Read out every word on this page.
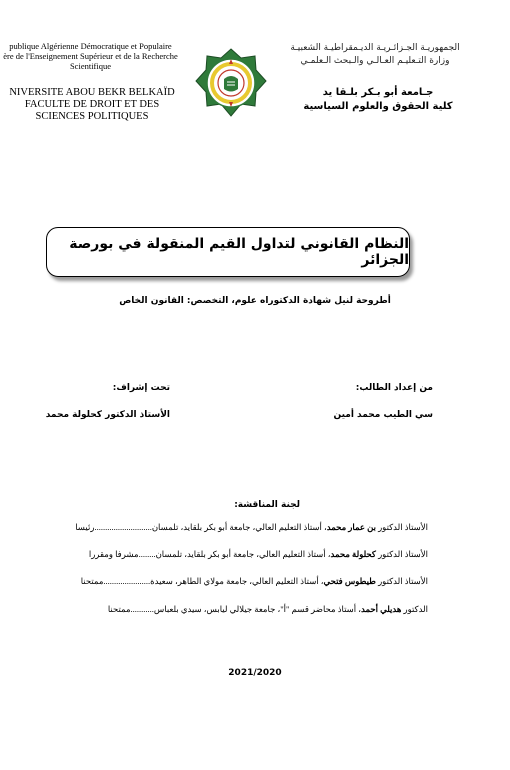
publique Algérienne Démocratique et Populaire
ère de l'Enseignement Supérieur et de la Recherche
Scientifique
NIVERSITE ABOU BEKR BELKAÏD
FACULTE DE DROIT ET DES
SCIENCES POLITIQUES
الجمهوريـة الجـزائـريـة الديـمقراطيـة الشعبيـة
وزارة التـعليـم العـالـي والـبحث الـعلمـي
جـامعة أبو بـكر بلـقا يد
كلية الحقوق والعلوم السياسية
النظام القانوني لتداول القيم المنقولة في بورصة الجزائر
أطروحة لنيل شهادة الدكتوراه علوم، التخصص: القانون الخاص
من إعداد الطالب:
سي الطيب محمد أمين
تحت إشراف:
الأستاذ الدكتور كحلولة محمد
لجنة المناقشة:
الأستاذ الدكتور بن عمار محمد، أستاذ التعليم العالي، جامعة أبو بكر بلقايد، تلمسان...........................رئيسا
الأستاذ الدكتور كحلولة محمد، أستاذ التعليم العالي، جامعة أبو بكر بلقايد، تلمسان........مشرفا ومقررا
الأستاذ الدكتور طيطوس فتحي، أستاذ التعليم العالي، جامعة مولاي الطاهر، سعيدة......................ممتحنا
الدكتور هديلي أحمد، أستاذ محاضر قسم "أ"، جامعة جيلالي ليابس، سيدي بلعباس...........ممتحنا
2021/2020
